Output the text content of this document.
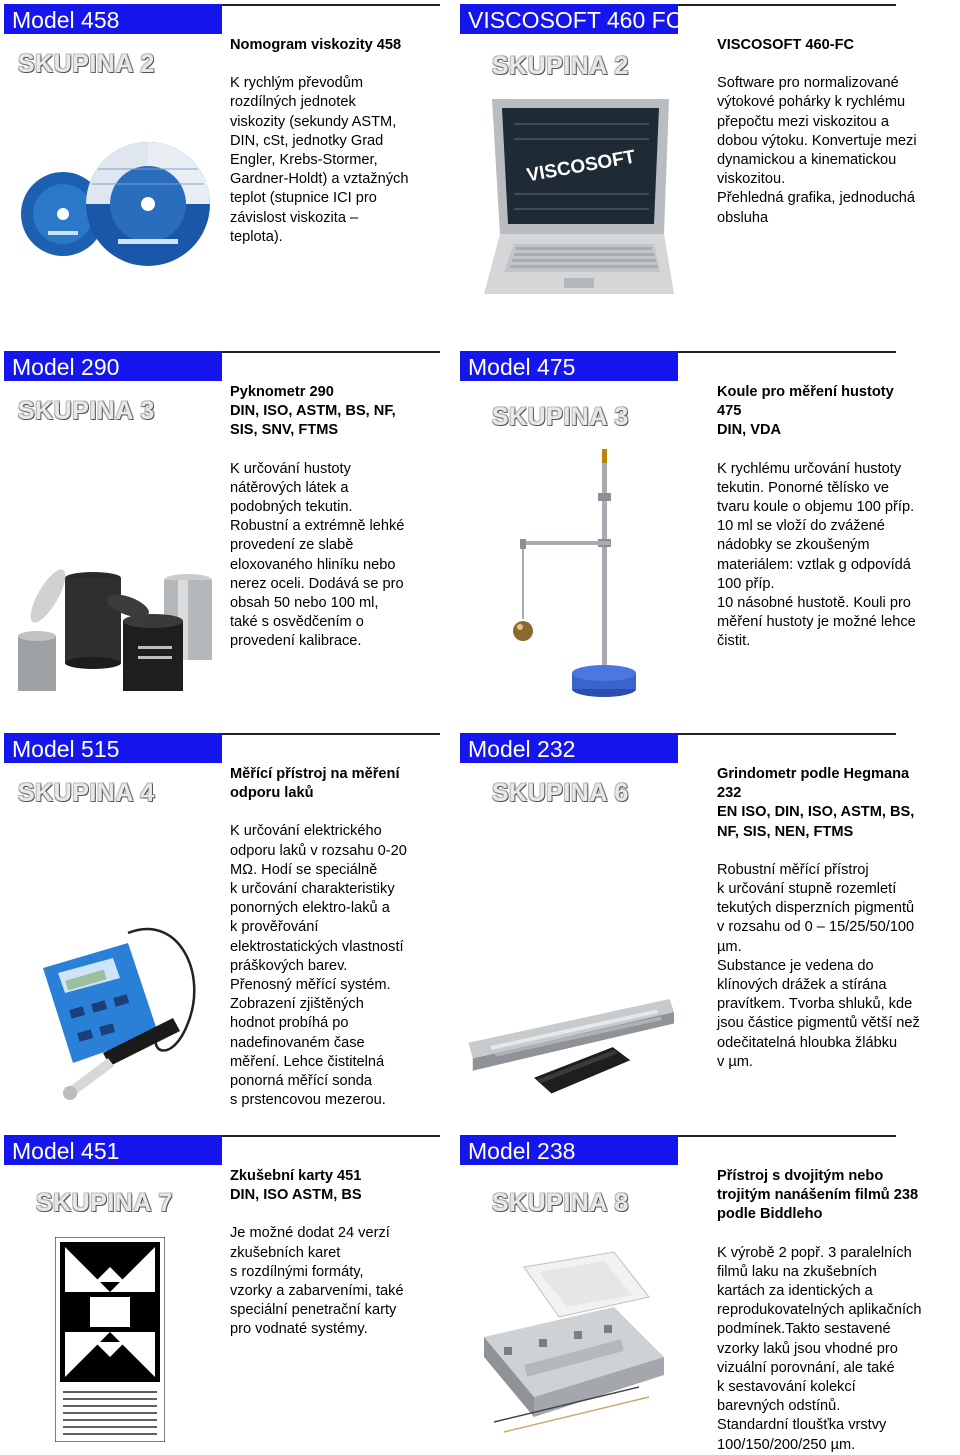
Model 458
SKUPINA 2
Nomogram viskozity 458
K rychlým převodům
rozdílných jednotek
viskozity (sekundy ASTM,
DIN, cSt, jednotky Grad
Engler, Krebs-Stormer,
Gardner-Holdt) a vztažných
teplot (stupnice ICI pro
závislost viskozita –
teplota).
VISCOSOFT 460 FC
SKUPINA 2
VISCOSOFT
VISCOSOFT 460-FC
Software pro normalizované
výtokové pohárky k rychlému
přepočtu mezi viskozitou a
dobou výtoku. Konvertuje mezi
dynamickou a kinematickou
viskozitou.
Přehledná grafika, jednoduchá
obsluha
Model 290
SKUPINA 3
Pyknometr 290
DIN, ISO, ASTM, BS, NF,
SIS, SNV, FTMS
K určování hustoty
nátěrových látek a
podobných tekutin.
Robustní a extrémně lehké
provedení ze slabě
eloxovaného hliníku nebo
nerez oceli. Dodává se pro
obsah 50 nebo 100 ml,
také s osvědčením o
provedení kalibrace.
Model 475
SKUPINA 3
Koule pro měření hustoty 475
DIN, VDA
K rychlému určování hustoty
tekutin. Ponorné tělísko ve
tvaru koule o objemu 100 příp.
10 ml se vloží do zvážené
nádobky se zkoušeným
materiálem: vztlak g odpovídá
100 příp.
10 násobné hustotě. Kouli pro
měření hustoty je možné lehce
čistit.
Model 515
SKUPINA 4
Měřící přístroj na měření
odporu laků
K určování elektrického
odporu laků v rozsahu 0-20
MΩ. Hodí se speciálně
k určování charakteristiky
ponorných elektro-laků a
k prověřování
elektrostatických vlastností
práškových barev.
Přenosný měřící systém.
Zobrazení zjištěných
hodnot probíhá po
nadefinovaném čase
měření. Lehce čistitelná
ponorná měřící sonda
s prstencovou mezerou.
Model 232
SKUPINA 6
Grindometr podle Hegmana
232
EN ISO, DIN, ISO, ASTM, BS,
NF, SIS, NEN, FTMS
Robustní měřící přístroj
k určování stupně rozemletí
tekutých disperzních pigmentů
v rozsahu od 0 – 15/25/50/100
µm.
Substance je vedena do
klínových drážek a stírána
pravítkem. Tvorba shluků, kde
jsou částice pigmentů větší než
odečitatelná hloubka žlábku
v µm.
Model 451
SKUPINA 7
Zkušební karty 451
DIN, ISO ASTM, BS
Je možné dodat 24 verzí
zkušebních karet
s rozdílnými formáty,
vzorky a zabarveními, také
speciální penetrační karty
pro vodnaté systémy.
Model 238
SKUPINA 8
Přístroj s dvojitým nebo
trojitým nanášením filmů 238
podle Biddleho
K výrobě 2 popř. 3 paralelních
filmů laku na zkušebních
kartách za identických a
reprodukovatelných aplikačních
podmínek.Takto sestavené
vzorky laků jsou vhodné pro
vizuální porovnání, ale také
k sestavování kolekcí
barevných odstínů.
Standardní tloušťka vrstvy
100/150/200/250 µm.
